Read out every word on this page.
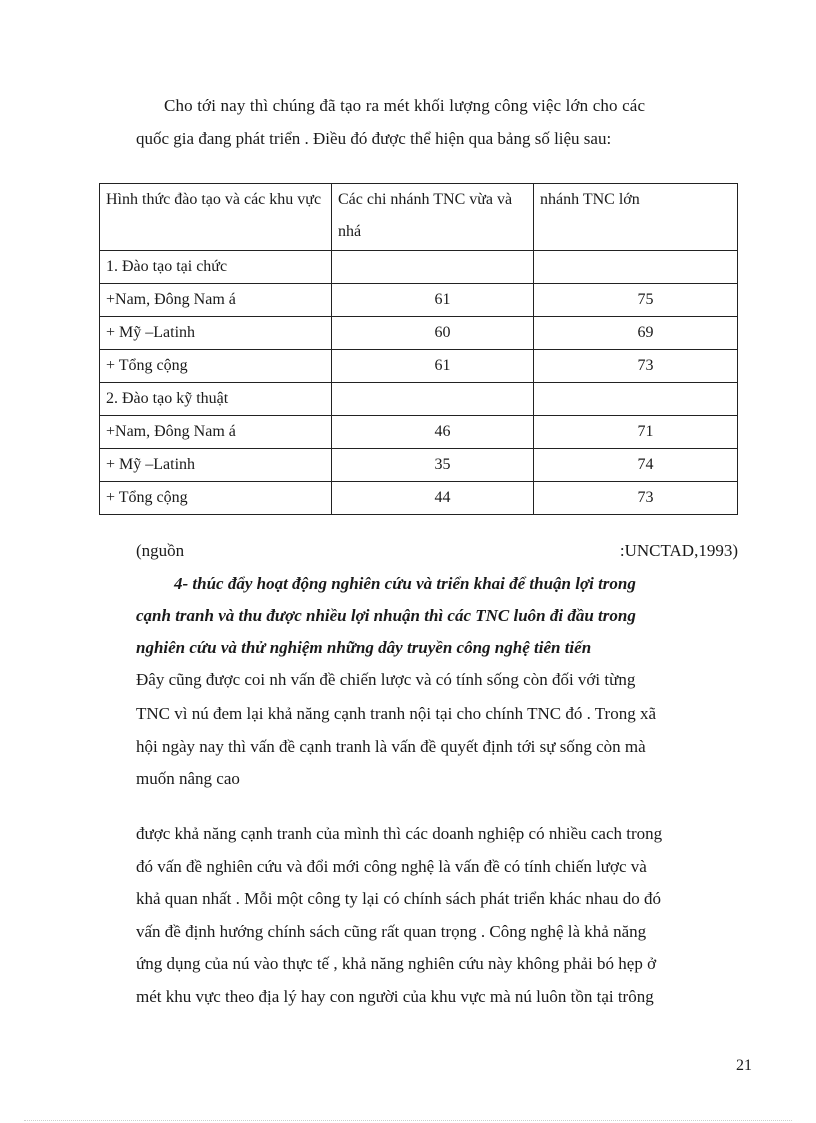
Cho tới nay thì chúng đã tạo ra mét khối lượng công việc lớn cho các
quốc gia đang phát triển . Điều đó được thể hiện qua bảng số liệu sau:
Hình thức đào tạo và các khu vực	Các chi nhánh TNC vừa và nhá	nhánh TNC lớn
1. Đào tạo tại chức		
+Nam, Đông Nam á	61	75
+ Mỹ –Latinh	60	69
+ Tổng cộng	61	73
2. Đào tạo kỹ thuật		
+Nam, Đông Nam á	46	71
+ Mỹ –Latinh	35	74
+ Tổng cộng	44	73
(nguồn	:UNCTAD,1993)
4- thúc đẩy hoạt động nghiên cứu và triển khai để thuận lợi trong
cạnh tranh và thu được nhiều lợi nhuận thì các TNC luôn đi đầu trong
nghiên cứu và thử nghiệm những dây truyền công nghệ tiên tiến
Đây cũng được coi nh vấn đề chiến lược và có tính sống còn đối với từng
TNC vì nú đem lại khả năng cạnh tranh nội tại cho chính TNC đó . Trong xã
hội ngày nay thì vấn đề cạnh tranh là vấn đề quyết định tới sự sống còn mà
muốn nâng cao
được khả năng cạnh tranh của mình thì các doanh nghiệp có nhiều cach trong
đó vấn đề nghiên cứu và đổi mới công nghệ là vấn đề có tính chiến lược và
khả quan nhất . Mỗi một công ty lại có chính sách phát triển khác nhau do đó
vấn đề định hướng chính sách cũng rất quan trọng . Công nghệ là khả năng
ứng dụng của nú vào thực tế , khả năng nghiên cứu này không phải bó hẹp ở
mét khu vực theo địa lý hay con người của khu vực mà nú luôn tồn tại trông
21
